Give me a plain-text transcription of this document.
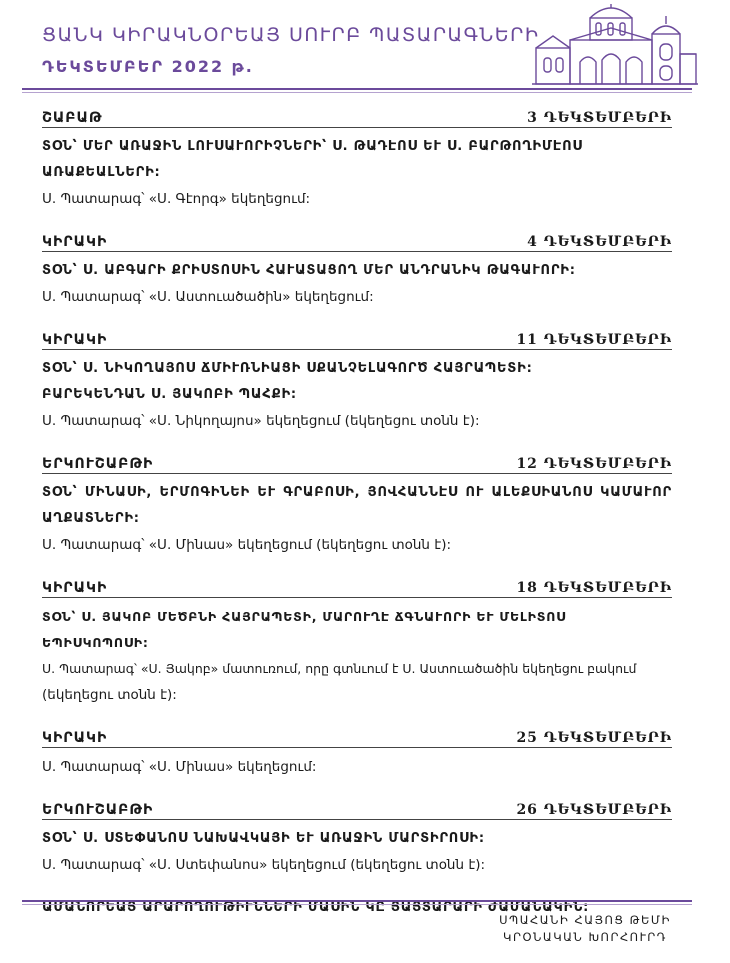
ՑԱՆԿ ԿԻՐԱԿՆՕՐԵԱՅ ՍՈՒՐԲ ՊԱՏԱՐԱԳՆԵՐԻ
ԴԵԿՏԵՄԲԵՐ 2022 թ.
ՇԱԲԱԹ	3 ԴԵԿՏԵՄԲԵՐԻ
ՏՕՆ՝ ՄԵՐ ԱՌԱՋԻՆ ԼՈՒՍԱՒՈՐԻՉՆԵՐԻ՝ Ս. ԹԱԴԷՈՍ ԵՒ Ս. ԲԱՐԹՈՂԻՄԷՈՍ ԱՌԱՔԵԱԼՆԵՐԻ:
Ս. Պատարագ՝ «Ս. Գէորգ» եկեղեցում:
ԿԻՐԱԿԻ	4 ԴԵԿՏԵՄԲԵՐԻ
ՏՕՆ՝ Ս. ԱԲԳԱՐԻ ՔՐԻՍՏՈՍԻՆ ՀԱՒԱՏԱՑՈՂ ՄԵՐ ԱՆԴՐԱՆԻԿ ԹԱԳԱՒՈՐԻ:
Ս. Պատարագ՝ «Ս. Աստուածածին» եկեղեցում:
ԿԻՐԱԿԻ	11 ԴԵԿՏԵՄԲԵՐԻ
ՏՕՆ՝ Ս. ՆԻԿՈՂԱՅՈՍ ՃՄԻՒՌՆԻԱՑԻ ՍՔԱՆՉԵԼԱԳՈՐԾ ՀԱՅՐԱՊԵՏԻ:
ԲԱՐԵԿԵՆԴԱՆ Ս. ՅԱԿՈԲԻ ՊԱՀՔԻ:
Ս. Պատարագ՝ «Ս. Նիկողայոս» եկեղեցում (եկեղեցու տօնն է):
ԵՐԿՈՒՇԱԲԹԻ	12 ԴԵԿՏԵՄԲԵՐԻ
ՏՕՆ՝ ՄԻՆԱՍԻ, ԵՐՄՈԳԻՆԵԻ ԵՒ ԳՐԱԲՈՍԻ, ՅՈՎՀԱՆՆԷՍ ՈՒ ԱԼԵՔՍԻԱՆՈՍ ԿԱՄԱՒՈՐ
ԱՂՔԱՏՆԵՐԻ:
Ս. Պատարագ՝ «Ս. Մինաս» եկեղեցում (եկեղեցու տօնն է):
ԿԻՐԱԿԻ	18 ԴԵԿՏԵՄԲԵՐԻ
ՏՕՆ՝ Ս. ՅԱԿՈԲ ՄԵԾԲՆԻ ՀԱՅՐԱՊԵՏԻ, ՄԱՐՈՒՂԷ ՃԳՆԱՒՈՐԻ ԵՒ ՄԵԼԻՏՈՍ ԵՊԻՍԿՈՊՈՍԻ:
Ս. Պատարագ՝ «Ս. Յակոբ» մատուռում, որը գտնւում է Ս. Աստուածածին եկեղեցու բակում
(եկեղեցու տօնն է):
ԿԻՐԱԿԻ	25 ԴԵԿՏԵՄԲԵՐԻ
Ս. Պատարագ՝ «Ս. Մինաս» եկեղեցում:
ԵՐԿՈՒՇԱԲԹԻ	26 ԴԵԿՏԵՄԲԵՐԻ
ՏՕՆ՝ Ս. ՍՏԵՓԱՆՈՍ ՆԱԽԱՎԿԱՅԻ ԵՒ ԱՌԱՋԻՆ ՄԱՐՏԻՐՈՍԻ:
Ս. Պատարագ՝ «Ս. Ստեփանոս» եկեղեցում (եկեղեցու տօնն է):
ԱՄԱՆՈՐԵԱՅ ԱՐԱՐՈՂՈՒԹԻՒՆՆԵՐԻ ՄԱՍԻՆ ԿԸ ՅԱՅՏԱՐԱՐԻ ԺԱՄԱՆԱԿԻՆ:
ՍՊԱՀԱՆԻ ՀԱՅՈՑ ԹԵՄԻ
ԿՐՕՆԱԿԱՆ ԽՈՐՀՈՒՐԴ
